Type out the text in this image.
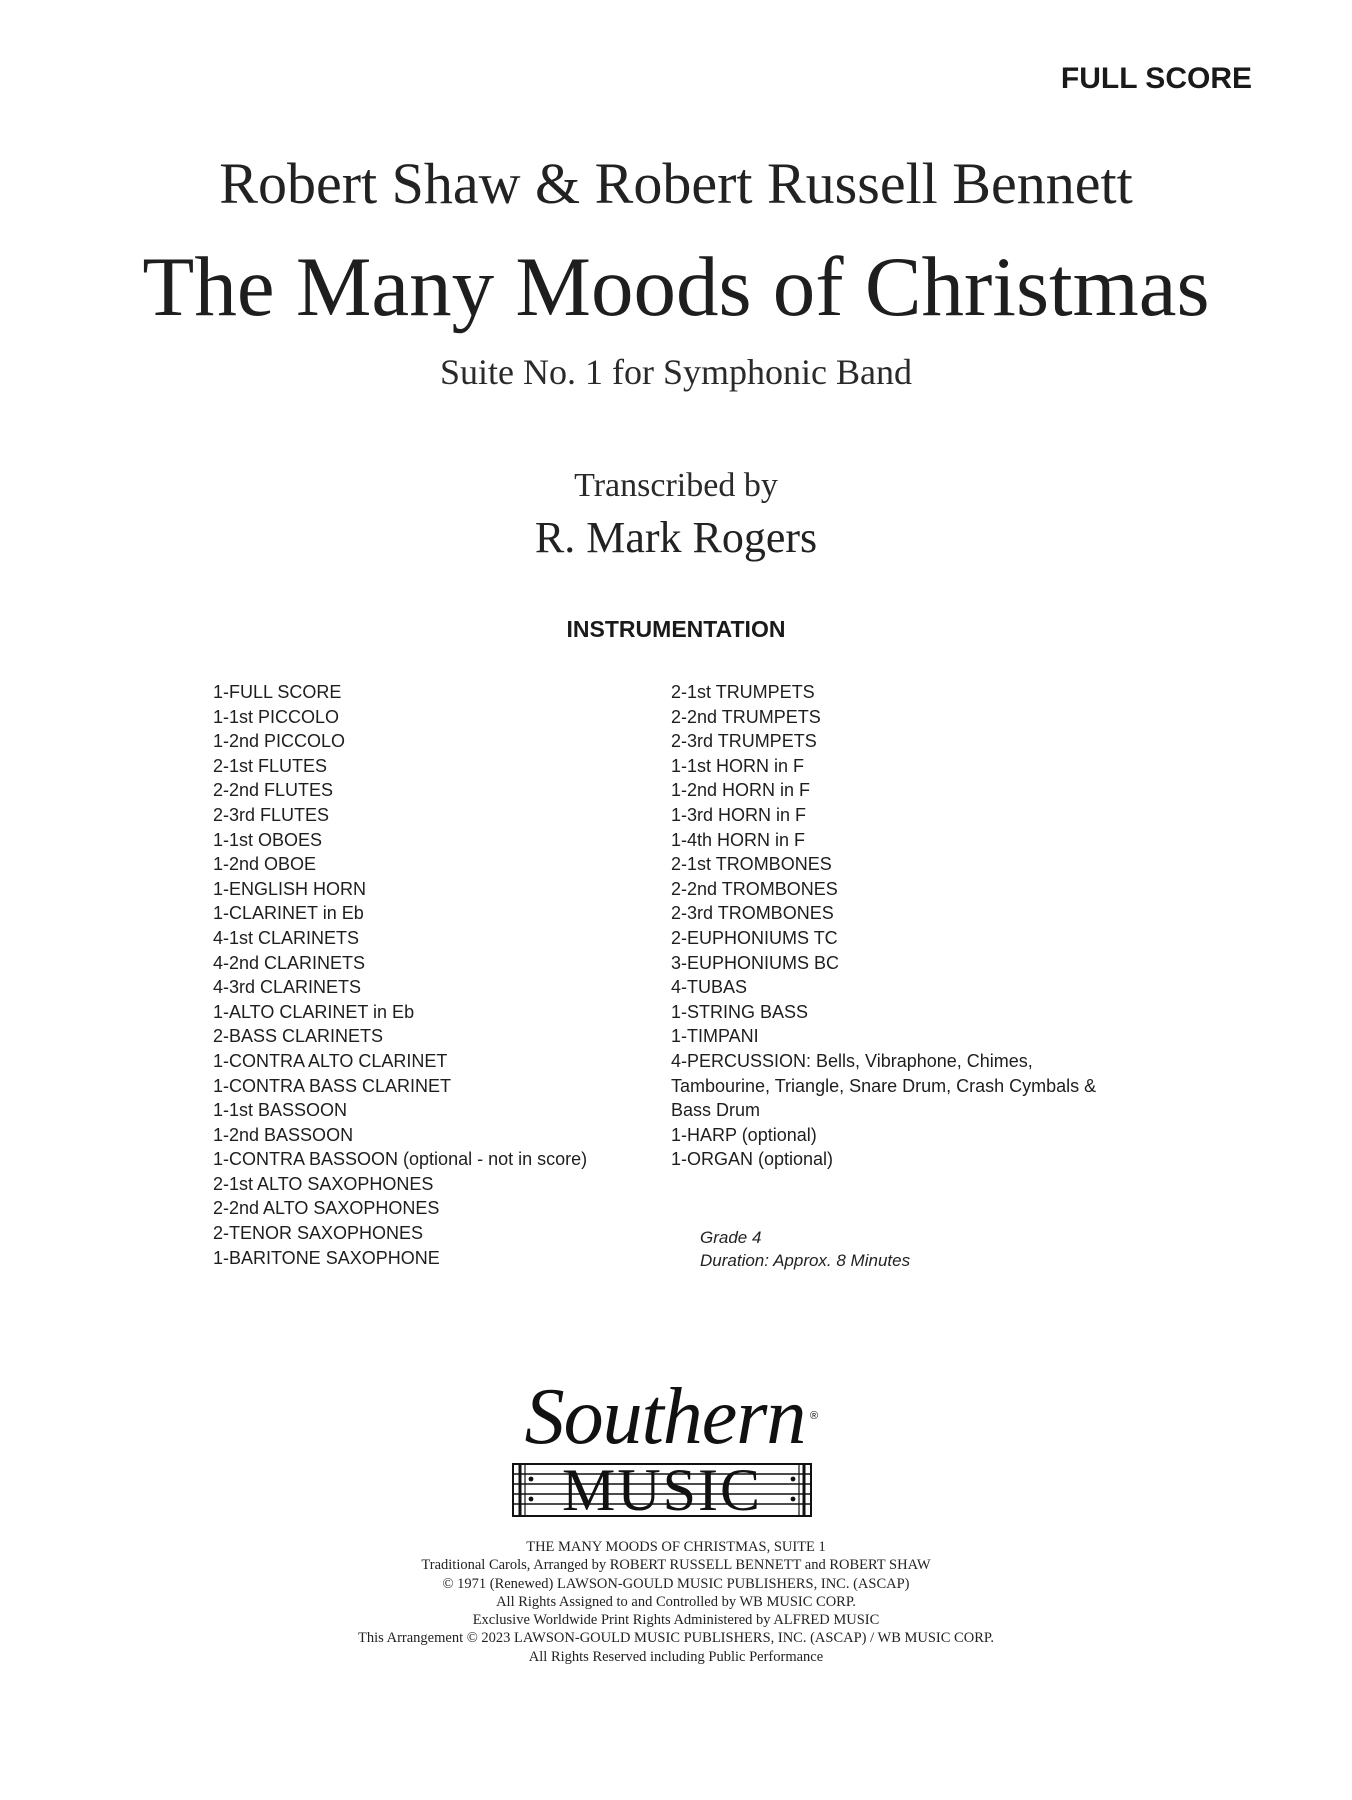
FULL SCORE
Robert Shaw & Robert Russell Bennett
The Many Moods of Christmas
Suite No. 1 for Symphonic Band
Transcribed by
R. Mark Rogers
INSTRUMENTATION
1-FULL SCORE
1-1st PICCOLO
1-2nd PICCOLO
2-1st FLUTES
2-2nd FLUTES
2-3rd FLUTES
1-1st OBOES
1-2nd OBOE
1-ENGLISH HORN
1-CLARINET in Eb
4-1st CLARINETS
4-2nd CLARINETS
4-3rd CLARINETS
1-ALTO CLARINET in Eb
2-BASS CLARINETS
1-CONTRA ALTO CLARINET
1-CONTRA BASS CLARINET
1-1st BASSOON
1-2nd BASSOON
1-CONTRA BASSOON (optional - not in score)
2-1st ALTO SAXOPHONES
2-2nd ALTO SAXOPHONES
2-TENOR SAXOPHONES
1-BARITONE SAXOPHONE
2-1st TRUMPETS
2-2nd TRUMPETS
2-3rd TRUMPETS
1-1st HORN in F
1-2nd HORN in F
1-3rd HORN in F
1-4th HORN in F
2-1st TROMBONES
2-2nd TROMBONES
2-3rd TROMBONES
2-EUPHONIUMS TC
3-EUPHONIUMS BC
4-TUBAS
1-STRING BASS
1-TIMPANI
4-PERCUSSION: Bells, Vibraphone, Chimes, Tambourine, Triangle, Snare Drum, Crash Cymbals & Bass Drum
1-HARP (optional)
1-ORGAN (optional)
Grade 4
Duration: Approx. 8 Minutes
Southern ®
MUSIC
THE MANY MOODS OF CHRISTMAS, SUITE 1
Traditional Carols, Arranged by ROBERT RUSSELL BENNETT and ROBERT SHAW
© 1971 (Renewed) LAWSON-GOULD MUSIC PUBLISHERS, INC. (ASCAP)
All Rights Assigned to and Controlled by WB MUSIC CORP.
Exclusive Worldwide Print Rights Administered by ALFRED MUSIC
This Arrangement © 2023 LAWSON-GOULD MUSIC PUBLISHERS, INC. (ASCAP) / WB MUSIC CORP.
All Rights Reserved including Public Performance
